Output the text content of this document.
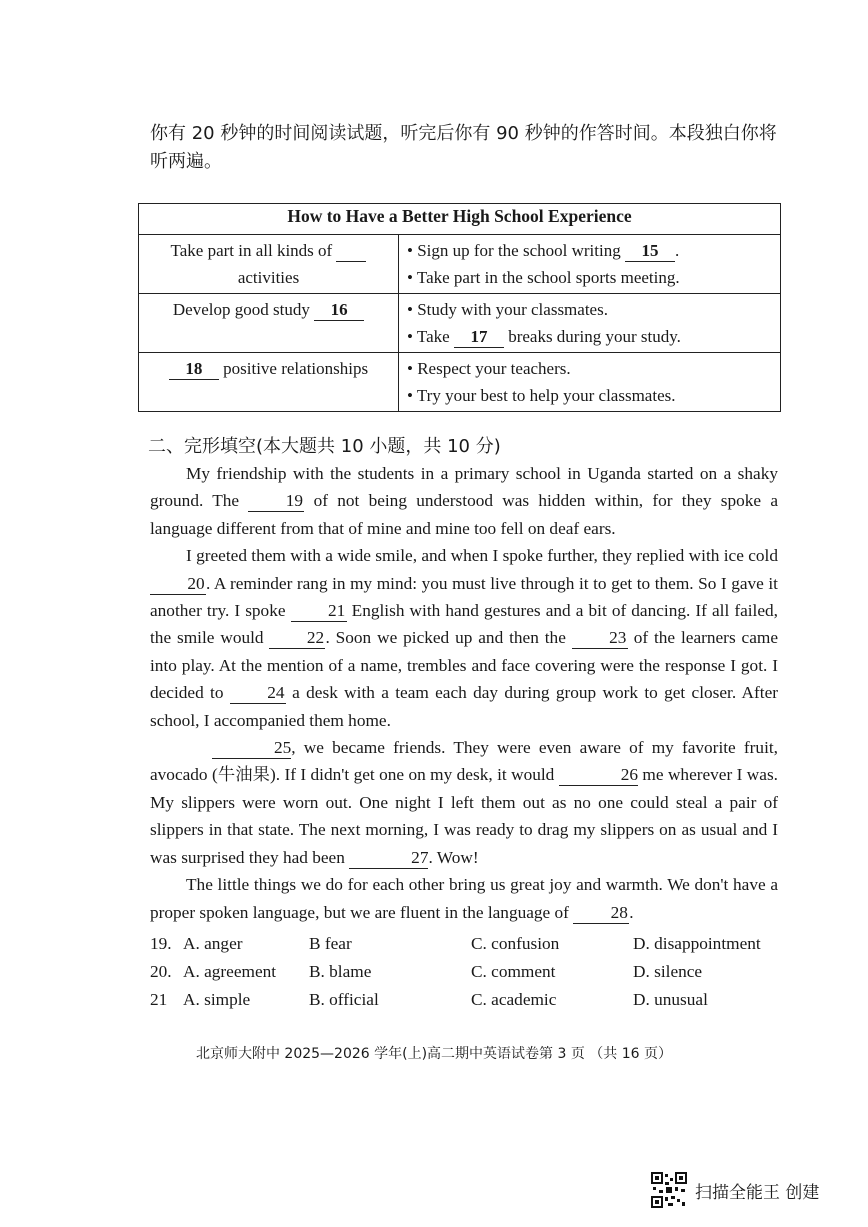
你有 20 秒钟的时间阅读试题，听完后你有 90 秒钟的作答时间。本段独白你将

听两遍。

How to Have a Better High School Experience	
Take part in all kinds of
activities	• Sign up for the school writing 15 .
• Take part in the school sports meeting.
Develop good study 16	• Study with your classmates.
• Take 17 breaks during your study.
18 positive relationships	• Respect your teachers.
• Try your best to help your classmates.
二、完形填空(本大题共 10 小题，共 10 分)

My friendship with the students in a primary school in Uganda started on a shaky ground. The	19 of not being understood was hidden within, for they spoke a language different from that of mine and mine too fell on deaf ears.

I greeted them with a wide smile, and when I spoke further, they replied with ice cold 20. A reminder rang in my mind: you must live through it to get to them. So I gave it another try. I spoke 21 English with hand gestures and a bit of dancing. If all failed, the smile would	22. Soon we picked up and then the	23 of the learners came into play. At the mention of a name, trembles and face covering were the response I got. I decided to	24 a desk with a team each day during group work to get closer. After school, I accompanied them home.

25, we became friends. They were even aware of my favorite fruit, avocado (牛油果). If I didn't get one on my desk, it would	26 me wherever I was. My slippers were worn out. One night I left them out as no one could steal a pair of slippers in that state. The next morning, I was ready to drag my slippers on as usual and I was surprised they had been	27. Wow!

The little things we do for each other bring us great joy and warmth. We don't have a proper spoken language, but we are fluent in the language of 28.

19. A. anger	B fear	C. confusion	D. disappointment
20. A. agreement	B. blame	C. comment	D. silence
21 A. simple	B. official	C. academic	D. unusual
北京师大附中 2025—2026 学年(上)高二期中英语试卷第 3 页 （共 16 页）
扫描全能王 创建
